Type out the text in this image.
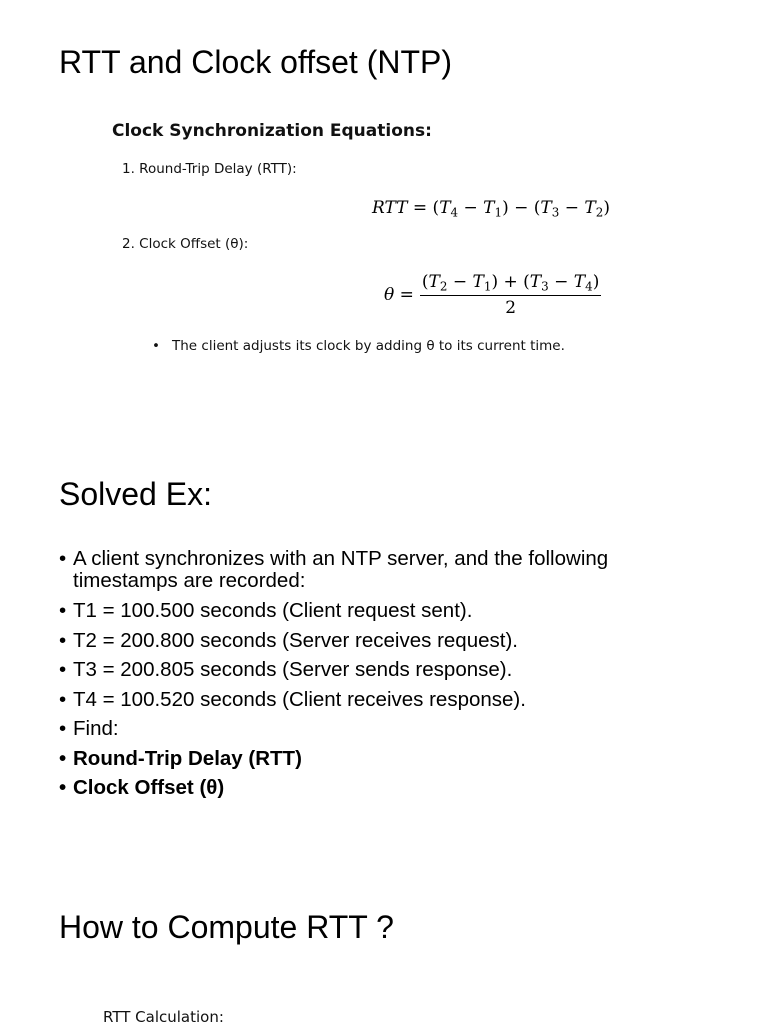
RTT and Clock offset (NTP)
Clock Synchronization Equations:
1. Round-Trip Delay (RTT):
RTT = $(T_4 - T_1) - (T_3 - T_2)$
2. Clock Offset (θ):
$\theta = \frac{(T_2 - T_1) + (T_3 - T_4)}{2}$
• The client adjusts its clock by adding θ to its current time.
Solved Ex:
• A client synchronizes with an NTP server, and the following timestamps are recorded:
• T1 = 100.500 seconds (Client request sent).
• T2 = 200.800 seconds (Server receives request).
• T3 = 200.805 seconds (Server sends response).
• T4 = 100.520 seconds (Client receives response).
• Find:
• Round-Trip Delay (RTT)
• Clock Offset (θ)
How to Compute RTT ?
RTT Calculation:
